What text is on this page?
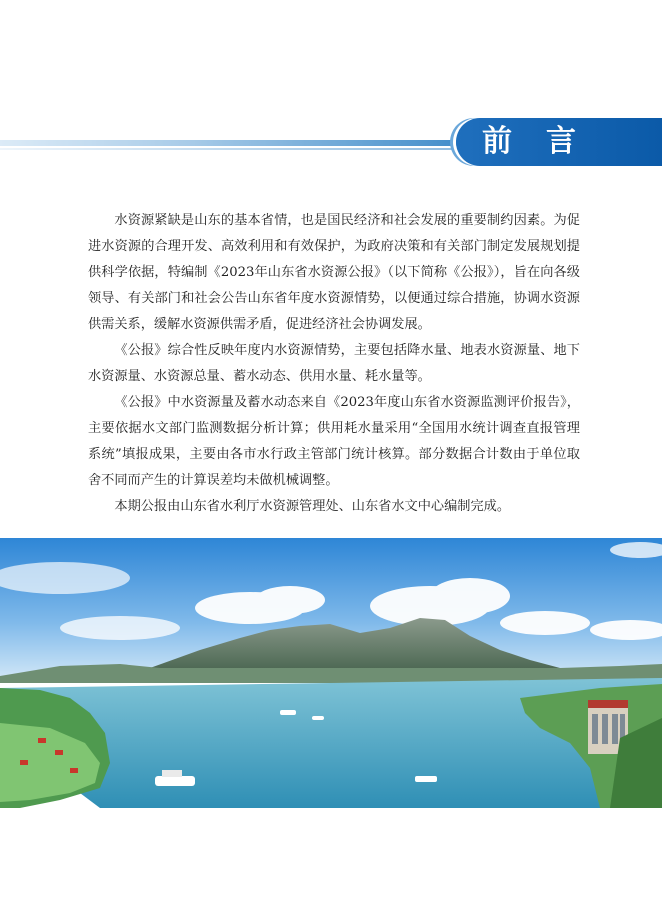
前言

水资源紧缺是山东的基本省情，也是国民经济和社会发展的重要制约因素。为促进水资源的合理开发、高效利用和有效保护，为政府决策和有关部门制定发展规划提供科学依据，特编制《2023年山东省水资源公报》（以下简称《公报》），旨在向各级领导、有关部门和社会公告山东省年度水资源情势，以便通过综合措施，协调水资源供需关系，缓解水资源供需矛盾，促进经济社会协调发展。

《公报》综合性反映年度内水资源情势，主要包括降水量、地表水资源量、地下水资源量、水资源总量、蓄水动态、供用水量、耗水量等。

《公报》中水资源量及蓄水动态来自《2023年度山东省水资源监测评价报告》，主要依据水文部门监测数据分析计算；供用耗水量采用“全国用水统计调查直报管理系统”填报成果，主要由各市水行政主管部门统计核算。部分数据合计数由于单位取舍不同而产生的计算误差均未做机械调整。

本期公报由山东省水利厅水资源管理处、山东省水文中心编制完成。
